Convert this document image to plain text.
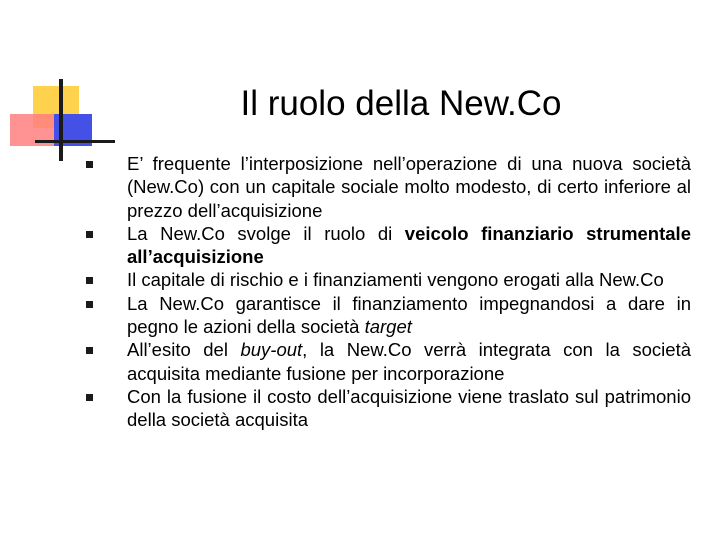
Il ruolo della New.Co

E’ frequente l’interposizione nell’operazione di una nuova società (New.Co) con un capitale sociale molto modesto, di certo inferiore al prezzo dell’acquisizione

La New.Co svolge il ruolo di veicolo finanziario strumentale all’acquisizione

Il capitale di rischio e i finanziamenti vengono erogati alla New.Co

La New.Co garantisce il finanziamento impegnandosi a dare in pegno le azioni della società target

All’esito del buy-out, la New.Co verrà integrata con la società acquisita mediante fusione per incorporazione

Con la fusione il costo dell’acquisizione viene traslato sul patrimonio della società acquisita
